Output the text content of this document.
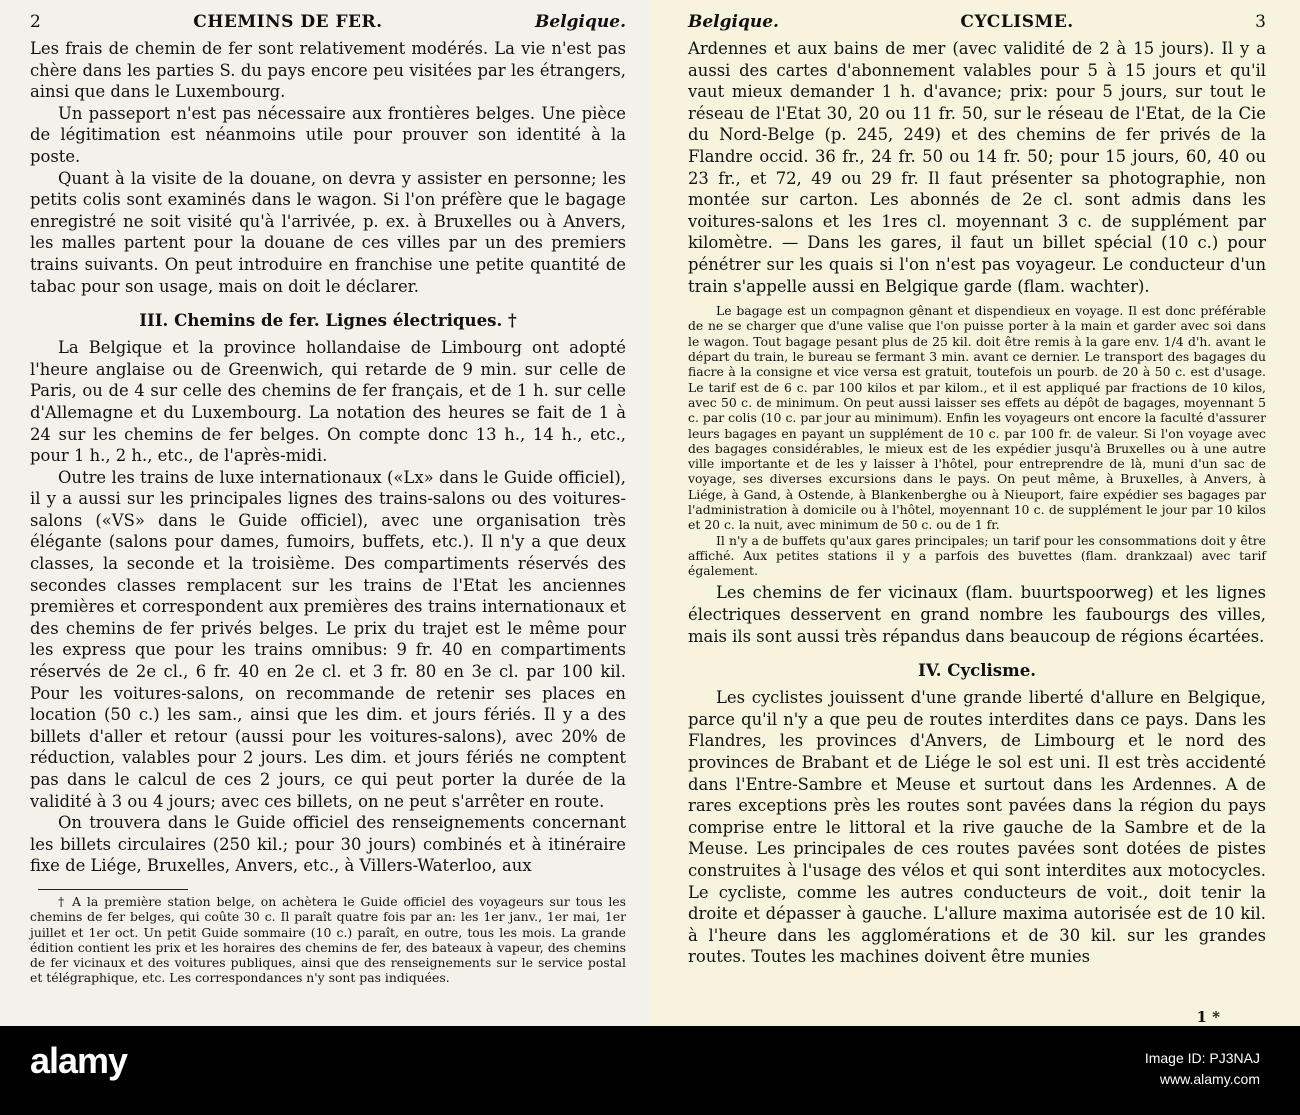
2	CHEMINS DE FER.	Belgique.

Les frais de chemin de fer sont relativement modérés. La vie n'est pas chère dans les parties S. du pays encore peu visitées par les étrangers, ainsi que dans le Luxembourg.

Un passeport n'est pas nécessaire aux frontières belges. Une pièce de légitimation est néanmoins utile pour prouver son identité à la poste.

Quant à la visite de la douane, on devra y assister en personne; les petits colis sont examinés dans le wagon. Si l'on préfère que le bagage enregistré ne soit visité qu'à l'arrivée, p. ex. à Bruxelles ou à Anvers, les malles partent pour la douane de ces villes par un des premiers trains suivants. On peut introduire en franchise une petite quantité de tabac pour son usage, mais on doit le déclarer.

III. Chemins de fer. Lignes électriques. †

La Belgique et la province hollandaise de Limbourg ont adopté l'heure anglaise ou de Greenwich, qui retarde de 9 min. sur celle de Paris, ou de 4 sur celle des chemins de fer français, et de 1 h. sur celle d'Allemagne et du Luxembourg. La notation des heures se fait de 1 à 24 sur les chemins de fer belges. On compte donc 13 h., 14 h., etc., pour 1 h., 2 h., etc., de l'après-midi.

Outre les trains de luxe internationaux («Lx» dans le Guide officiel), il y a aussi sur les principales lignes des trains-salons ou des voitures-salons («VS» dans le Guide officiel), avec une organisation très élégante (salons pour dames, fumoirs, buffets, etc.). Il n'y a que deux classes, la seconde et la troisième. Des compartiments réservés des secondes classes remplacent sur les trains de l'Etat les anciennes premières et correspondent aux premières des trains internationaux et des chemins de fer privés belges. Le prix du trajet est le même pour les express que pour les trains omnibus: 9 fr. 40 en compartiments réservés de 2e cl., 6 fr. 40 en 2e cl. et 3 fr. 80 en 3e cl. par 100 kil. Pour les voitures-salons, on recommande de retenir ses places en location (50 c.) les sam., ainsi que les dim. et jours fériés. Il y a des billets d'aller et retour (aussi pour les voitures-salons), avec 20% de réduction, valables pour 2 jours. Les dim. et jours fériés ne comptent pas dans le calcul de ces 2 jours, ce qui peut porter la durée de la validité à 3 ou 4 jours; avec ces billets, on ne peut s'arrêter en route.

On trouvera dans le Guide officiel des renseignements concernant les billets circulaires (250 kil.; pour 30 jours) combinés et à itinéraire fixe de Liége, Bruxelles, Anvers, etc., à Villers-Waterloo, aux

† A la première station belge, on achètera le Guide officiel des voyageurs sur tous les chemins de fer belges, qui coûte 30 c. Il paraît quatre fois par an: les 1er janv., 1er mai, 1er juillet et 1er oct. Un petit Guide sommaire (10 c.) paraît, en outre, tous les mois. La grande édition contient les prix et les horaires des chemins de fer, des bateaux à vapeur, des chemins de fer vicinaux et des voitures publiques, ainsi que des renseignements sur le service postal et télégraphique, etc. Les correspondances n'y sont pas indiquées.

Belgique.	CYCLISME.	3

Ardennes et aux bains de mer (avec validité de 2 à 15 jours). Il y a aussi des cartes d'abonnement valables pour 5 à 15 jours et qu'il vaut mieux demander 1 h. d'avance; prix: pour 5 jours, sur tout le réseau de l'Etat 30, 20 ou 11 fr. 50, sur le réseau de l'Etat, de la Cie du Nord-Belge (p. 245, 249) et des chemins de fer privés de la Flandre occid. 36 fr., 24 fr. 50 ou 14 fr. 50; pour 15 jours, 60, 40 ou 23 fr., et 72, 49 ou 29 fr. Il faut présenter sa photographie, non montée sur carton. Les abonnés de 2e cl. sont admis dans les voitures-salons et les 1res cl. moyennant 3 c. de supplément par kilomètre. — Dans les gares, il faut un billet spécial (10 c.) pour pénétrer sur les quais si l'on n'est pas voyageur. Le conducteur d'un train s'appelle aussi en Belgique garde (flam. wachter).

Le bagage est un compagnon gênant et dispendieux en voyage. Il est donc préférable de ne se charger que d'une valise que l'on puisse porter à la main et garder avec soi dans le wagon. Tout bagage pesant plus de 25 kil. doit être remis à la gare env. 1/4 d'h. avant le départ du train, le bureau se fermant 3 min. avant ce dernier. Le transport des bagages du fiacre à la consigne et vice versa est gratuit, toutefois un pourb. de 20 à 50 c. est d'usage. Le tarif est de 6 c. par 100 kilos et par kilom., et il est appliqué par fractions de 10 kilos, avec 50 c. de minimum. On peut aussi laisser ses effets au dépôt de bagages, moyennant 5 c. par colis (10 c. par jour au minimum). Enfin les voyageurs ont encore la faculté d'assurer leurs bagages en payant un supplément de 10 c. par 100 fr. de valeur. Si l'on voyage avec des bagages considérables, le mieux est de les expédier jusqu'à Bruxelles ou à une autre ville importante et de les y laisser à l'hôtel, pour entreprendre de là, muni d'un sac de voyage, ses diverses excursions dans le pays. On peut même, à Bruxelles, à Anvers, à Liége, à Gand, à Ostende, à Blankenberghe ou à Nieuport, faire expédier ses bagages par l'administration à domicile ou à l'hôtel, moyennant 10 c. de supplément le jour par 10 kilos et 20 c. la nuit, avec minimum de 50 c. ou de 1 fr.

Il n'y a de buffets qu'aux gares principales; un tarif pour les consommations doit y être affiché. Aux petites stations il y a parfois des buvettes (flam. drankzaal) avec tarif également.

Les chemins de fer vicinaux (flam. buurtspoorweg) et les lignes électriques desservent en grand nombre les faubourgs des villes, mais ils sont aussi très répandus dans beaucoup de régions écartées.

IV. Cyclisme.

Les cyclistes jouissent d'une grande liberté d'allure en Belgique, parce qu'il n'y a que peu de routes interdites dans ce pays. Dans les Flandres, les provinces d'Anvers, de Limbourg et le nord des provinces de Brabant et de Liége le sol est uni. Il est très accidenté dans l'Entre-Sambre et Meuse et surtout dans les Ardennes. A de rares exceptions près les routes sont pavées dans la région du pays comprise entre le littoral et la rive gauche de la Sambre et de la Meuse. Les principales de ces routes pavées sont dotées de pistes construites à l'usage des vélos et qui sont interdites aux motocycles. Le cycliste, comme les autres conducteurs de voit., doit tenir la droite et dépasser à gauche. L'allure maxima autorisée est de 10 kil. à l'heure dans les agglomérations et de 30 kil. sur les grandes routes. Toutes les machines doivent être munies

1 *
alamy	Image ID: PJ3NAJ
www.alamy.com
